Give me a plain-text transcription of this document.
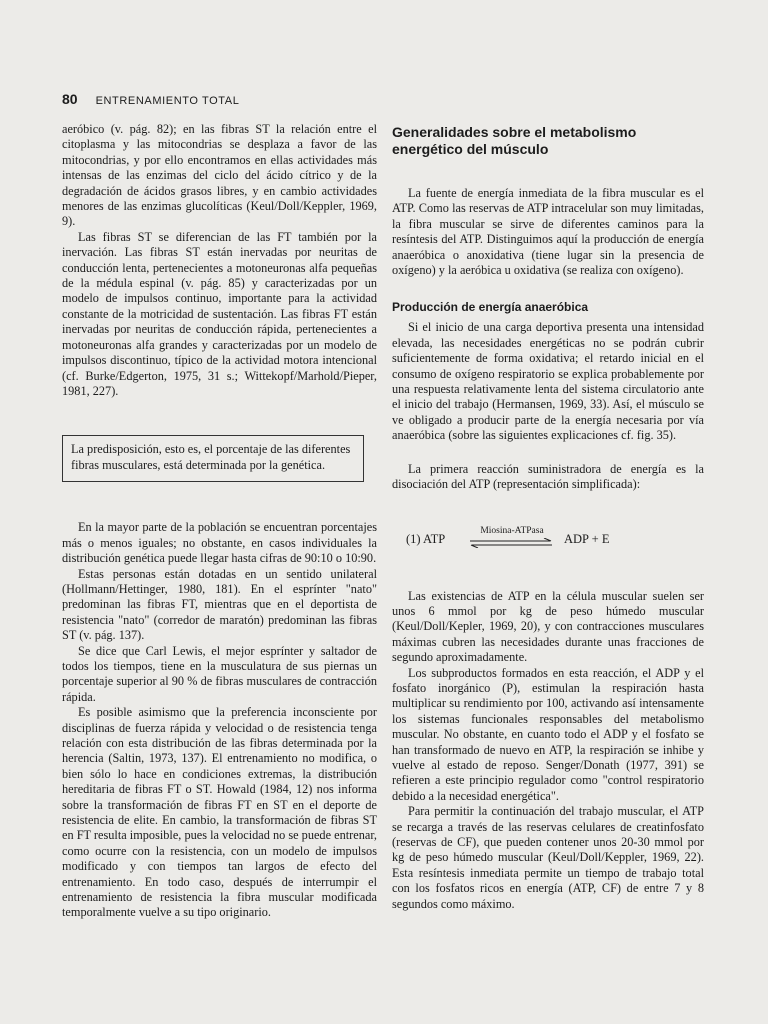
80 ENTRENAMIENTO TOTAL

aeróbico (v. pág. 82); en las fibras ST la relación entre el citoplasma y las mitocondrias se desplaza a favor de las mitocondrias, y por ello encontramos en ellas actividades más intensas de las enzimas del ciclo del ácido cítrico y de la degradación de ácidos grasos libres, y en cambio actividades menores de las enzimas glucolíticas (Keul/Doll/Keppler, 1969, 9).

Las fibras ST se diferencian de las FT también por la inervación. Las fibras ST están inervadas por neuritas de conducción lenta, pertenecientes a motoneuronas alfa pequeñas de la médula espinal (v. pág. 85) y caracterizadas por un modelo de impulsos continuo, importante para la actividad constante de la motricidad de sustentación. Las fibras FT están inervadas por neuritas de conducción rápida, pertenecientes a motoneuronas alfa grandes y caracterizadas por un modelo de impulsos discontinuo, típico de la actividad motora intencional (cf. Burke/Edgerton, 1975, 31 s.; Wittekopf/Marhold/Pieper, 1981, 227).

La predisposición, esto es, el porcentaje de las diferentes fibras musculares, está determinada por la genética.

En la mayor parte de la población se encuentran porcentajes más o menos iguales; no obstante, en casos individuales la distribución genética puede llegar hasta cifras de 90:10 o 10:90.

Estas personas están dotadas en un sentido unilateral (Hollmann/Hettinger, 1980, 181). En el esprínter "nato" predominan las fibras FT, mientras que en el deportista de resistencia "nato" (corredor de maratón) predominan las fibras ST (v. pág. 137).

Se dice que Carl Lewis, el mejor esprínter y saltador de todos los tiempos, tiene en la musculatura de sus piernas un porcentaje superior al 90 % de fibras musculares de contracción rápida.

Es posible asimismo que la preferencia inconsciente por disciplinas de fuerza rápida y velocidad o de resistencia tenga relación con esta distribución de las fibras determinada por la herencia (Saltin, 1973, 137). El entrenamiento no modifica, o bien sólo lo hace en condiciones extremas, la distribución hereditaria de fibras FT o ST. Howald (1984, 12) nos informa sobre la transformación de fibras FT en ST en el deporte de resistencia de elite. En cambio, la transformación de fibras ST en FT resulta imposible, pues la velocidad no se puede entrenar, como ocurre con la resistencia, con un modelo de impulsos modificado y con tiempos tan largos de efecto del entrenamiento. En todo caso, después de interrumpir el entrenamiento de resistencia la fibra muscular modificada temporalmente vuelve a su tipo originario.

Generalidades sobre el metabolismo energético del músculo

La fuente de energía inmediata de la fibra muscular es el ATP. Como las reservas de ATP intracelular son muy limitadas, la fibra muscular se sirve de diferentes caminos para la resíntesis del ATP. Distinguimos aquí la producción de energía anaeróbica o anoxidativa (tiene lugar sin la presencia de oxígeno) y la aeróbica u oxidativa (se realiza con oxígeno).

Producción de energía anaeróbica

Si el inicio de una carga deportiva presenta una intensidad elevada, las necesidades energéticas no se podrán cubrir suficientemente de forma oxidativa; el retardo inicial en el consumo de oxígeno respiratorio se explica probablemente por una respuesta relativamente lenta del sistema circulatorio ante el inicio del trabajo (Hermansen, 1969, 33). Así, el músculo se ve obligado a producir parte de la energía necesaria por vía anaeróbica (sobre las siguientes explicaciones cf. fig. 35).

La primera reacción suministradora de energía es la disociación del ATP (representación simplificada):

(1) ATP
Miosina-ATPasa
ADP + E

Las existencias de ATP en la célula muscular suelen ser unos 6 mmol por kg de peso húmedo muscular (Keul/Doll/Kepler, 1969, 20), y con contracciones musculares máximas cubren las necesidades durante unas fracciones de segundo aproximadamente.

Los subproductos formados en esta reacción, el ADP y el fosfato inorgánico (P), estimulan la respiración hasta multiplicar su rendimiento por 100, activando así intensamente los sistemas funcionales responsables del metabolismo muscular. No obstante, en cuanto todo el ADP y el fosfato se han transformado de nuevo en ATP, la respiración se inhibe y vuelve al estado de reposo. Senger/Donath (1977, 391) se refieren a este principio regulador como "control respiratorio debido a la necesidad energética".

Para permitir la continuación del trabajo muscular, el ATP se recarga a través de las reservas celulares de creatinfosfato (reservas de CF), que pueden contener unos 20-30 mmol por kg de peso húmedo muscular (Keul/Doll/Keppler, 1969, 22). Esta resíntesis inmediata permite un tiempo de trabajo total con los fosfatos ricos en energía (ATP, CF) de entre 7 y 8 segundos como máximo.
